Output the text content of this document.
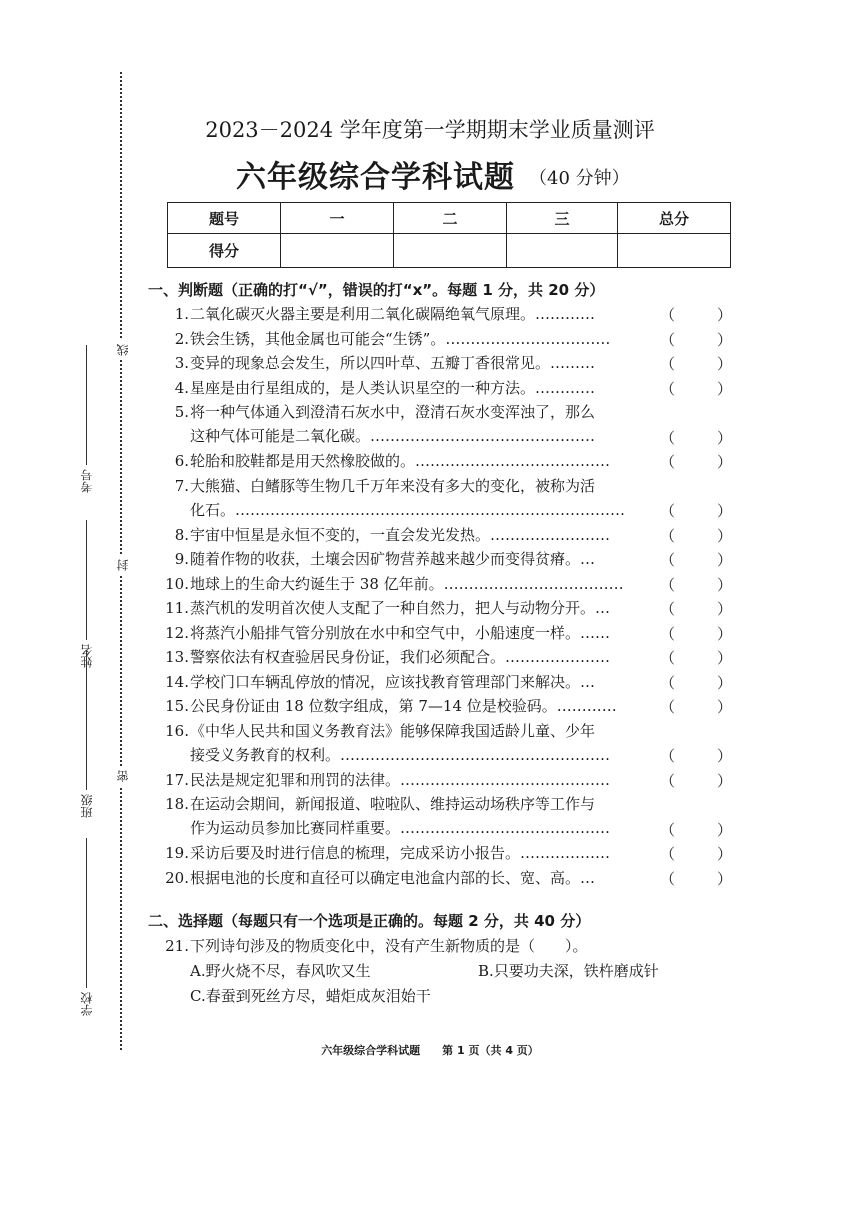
考号
姓名
班级
学校
线
封
密
2023－2024 学年度第一学期期末学业质量测评
六年级综合学科试题 （40 分钟）
题号	一	二	三	总分
得分				
一、判断题（正确的打“√”，错误的打“x”。每题 1 分，共 20 分）
1.二氧化碳灭火器主要是利用二氧化碳隔绝氧气原理。…………	（	）
2.铁会生锈，其他金属也可能会“生锈”。……………………………	（	）
3.变异的现象总会发生，所以四叶草、五瓣丁香很常见。………	（	）
4.星座是由行星组成的，是人类认识星空的一种方法。…………	（	）
5.将一种气体通入到澄清石灰水中，澄清石灰水变浑浊了，那么
这种气体可能是二氧化碳。………………………………………	（	）
6.轮胎和胶鞋都是用天然橡胶做的。…………………………………	（	）
7.大熊猫、白鳍豚等生物几千万年来没有多大的变化，被称为活
化石。……………………………………………………………………	（	）
8.宇宙中恒星是永恒不变的，一直会发光发热。……………………	（	）
9.随着作物的收获，土壤会因矿物营养越来越少而变得贫瘠。…	（	）
10.地球上的生命大约诞生于 38 亿年前。………………………………	（	）
11.蒸汽机的发明首次使人支配了一种自然力，把人与动物分开。…	（	）
12.将蒸汽小船排气管分别放在水中和空气中，小船速度一样。……	（	）
13.警察依法有权查验居民身份证，我们必须配合。…………………	（	）
14.学校门口车辆乱停放的情况，应该找教育管理部门来解决。…	（	）
15.公民身份证由 18 位数字组成，第 7—14 位是校验码。…………	（	）
16.《中华人民共和国义务教育法》能够保障我国适龄儿童、少年
接受义务教育的权利。………………………………………………	（	）
17.民法是规定犯罪和刑罚的法律。……………………………………	（	）
18.在运动会期间，新闻报道、啦啦队、维持运动场秩序等工作与
作为运动员参加比赛同样重要。……………………………………	（	）
19.采访后要及时进行信息的梳理，完成采访小报告。………………	（	）
20.根据电池的长度和直径可以确定电池盒内部的长、宽、高。…	（	）
二、选择题（每题只有一个选项是正确的。每题 2 分，共 40 分）
21.下列诗句涉及的物质变化中，没有产生新物质的是（　　）。
A.野火烧不尽，春风吹又生	B.只要功夫深，铁杵磨成针
C.春蚕到死丝方尽，蜡炬成灰泪始干
六年级综合学科试题　　第 1 页（共 4 页）
